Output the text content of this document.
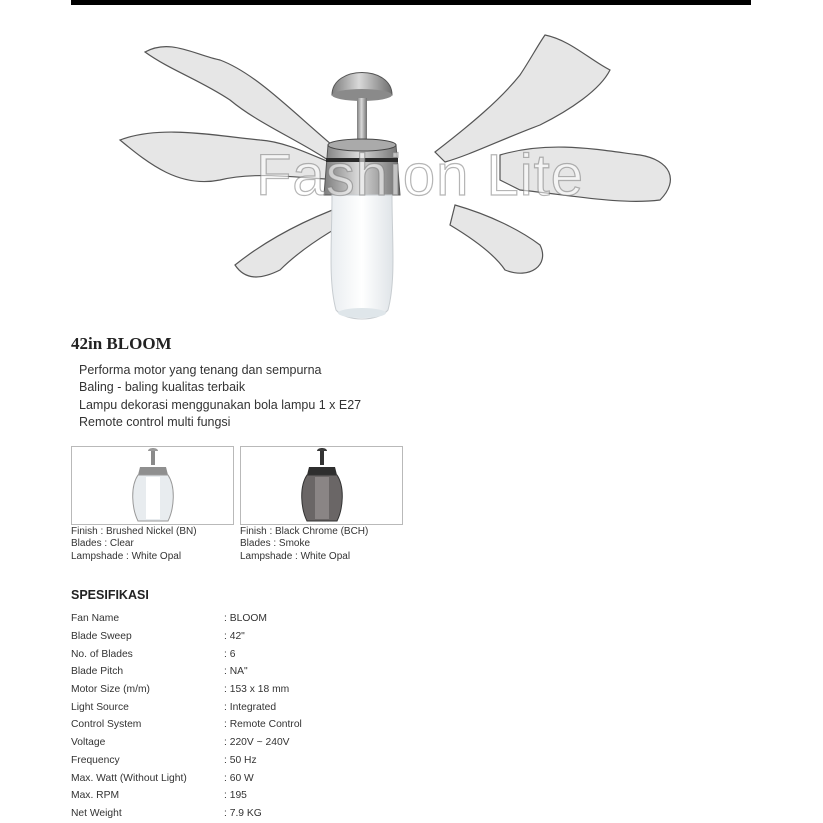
Fashion Lite
42in BLOOM
Performa motor yang tenang dan sempurna
Baling - baling kualitas terbaik
Lampu dekorasi menggunakan bola lampu 1 x E27
Remote control multi fungsi
Finish : Brushed Nickel (BN)
Blades : Clear
Lampshade : White Opal
Finish : Black Chrome (BCH)
Blades : Smoke
Lampshade : White Opal
SPESIFIKASI
Fan Name	: BLOOM
Blade Sweep	: 42"
No. of Blades	: 6
Blade Pitch	: NA"
Motor Size (m/m)	: 153 x 18 mm
Light Source	: Integrated
Control System	: Remote Control
Voltage	: 220V ~ 240V
Frequency	: 50 Hz
Max. Watt (Without Light)	: 60 W
Max. RPM	: 195
Net Weight	: 7.9 KG
